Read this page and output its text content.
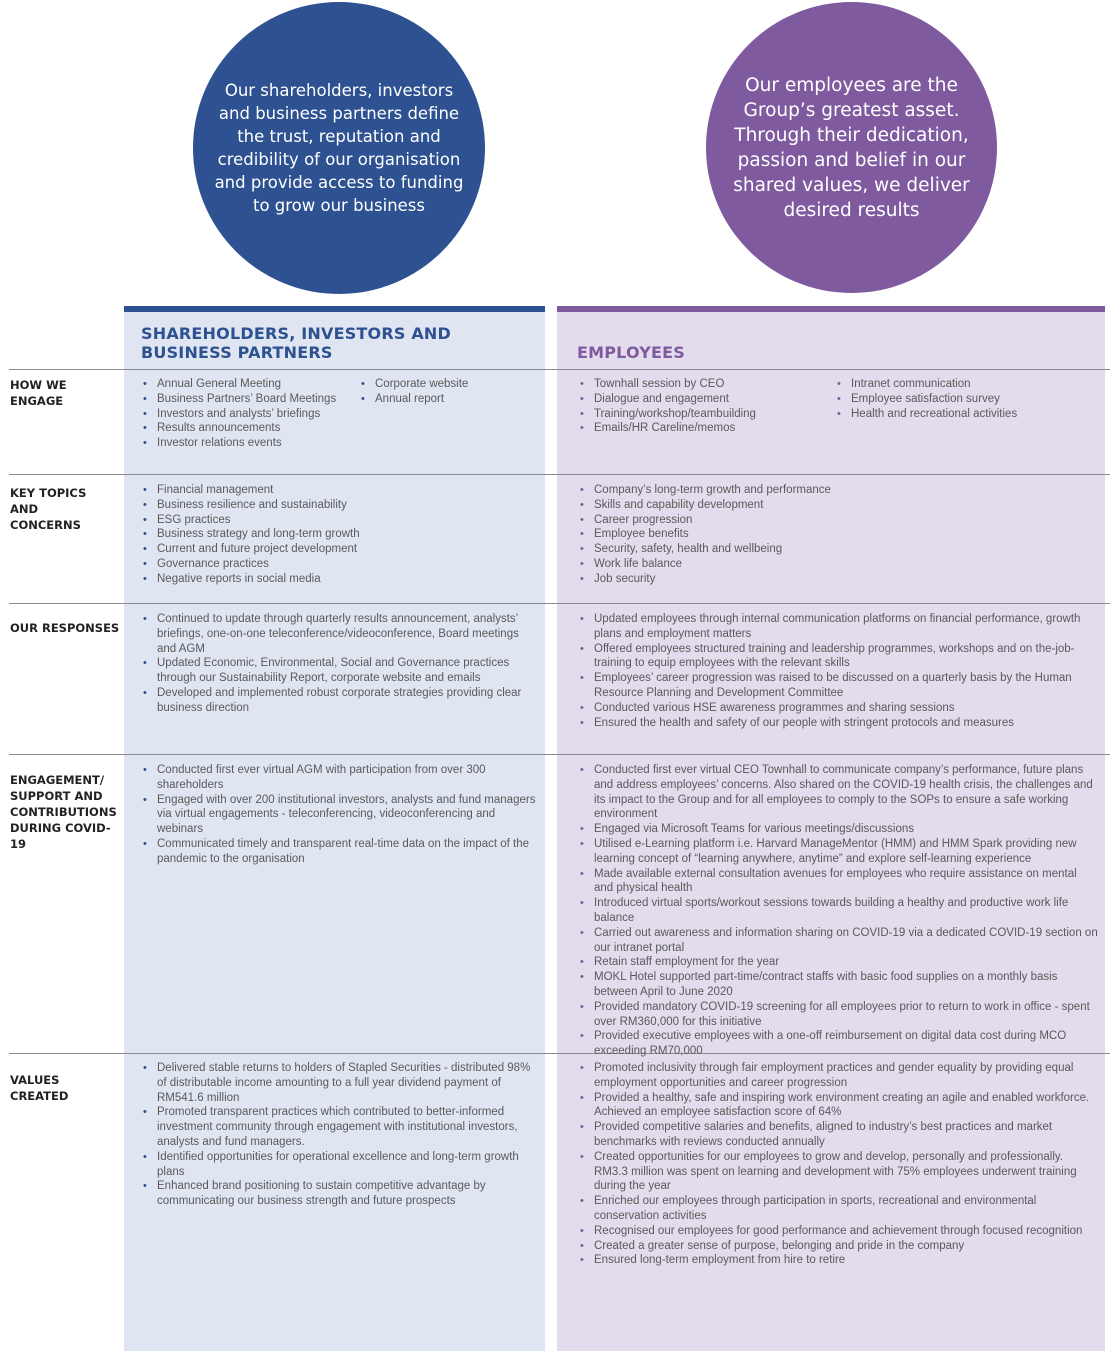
Our shareholders, investors and business partners define the trust, reputation and credibility of our organisation and provide access to funding to grow our business
Our employees are the Group’s greatest asset. Through their dedication, passion and belief in our shared values, we deliver desired results
SHAREHOLDERS, INVESTORS AND BUSINESS PARTNERS	EMPLOYEES
HOW WE ENGAGE
KEY TOPICS AND CONCERNS
OUR RESPONSES
ENGAGEMENT/ SUPPORT AND CONTRIBUTIONS DURING COVID-19
VALUES CREATED
• Annual General Meeting
• Business Partners’ Board Meetings
• Investors and analysts’ briefings
• Results announcements
• Investor relations events
• Corporate website
• Annual report
• Townhall session by CEO
• Dialogue and engagement
• Training/workshop/teambuilding
• Emails/HR Careline/memos
• Intranet communication
• Employee satisfaction survey
• Health and recreational activities
• Financial management
• Business resilience and sustainability
• ESG practices
• Business strategy and long-term growth
• Current and future project development
• Governance practices
• Negative reports in social media
• Company’s long-term growth and performance
• Skills and capability development
• Career progression
• Employee benefits
• Security, safety, health and wellbeing
• Work life balance
• Job security
• Continued to update through quarterly results announcement, analysts’ briefings, one-on-one teleconference/videoconference, Board meetings and AGM
• Updated Economic, Environmental, Social and Governance practices through our Sustainability Report, corporate website and emails
• Developed and implemented robust corporate strategies providing clear business direction
• Updated employees through internal communication platforms on financial performance, growth plans and employment matters
• Offered employees structured training and leadership programmes, workshops and on the-job-training to equip employees with the relevant skills
• Employees’ career progression was raised to be discussed on a quarterly basis by the Human Resource Planning and Development Committee
• Conducted various HSE awareness programmes and sharing sessions
• Ensured the health and safety of our people with stringent protocols and measures
• Conducted first ever virtual AGM with participation from over 300 shareholders
• Engaged with over 200 institutional investors, analysts and fund managers via virtual engagements - teleconferencing, videoconferencing and webinars
• Communicated timely and transparent real-time data on the impact of the pandemic to the organisation
• Conducted first ever virtual CEO Townhall to communicate company’s performance, future plans and address employees’ concerns. Also shared on the COVID-19 health crisis, the challenges and its impact to the Group and for all employees to comply to the SOPs to ensure a safe working environment
• Engaged via Microsoft Teams for various meetings/discussions
• Utilised e-Learning platform i.e. Harvard ManageMentor (HMM) and HMM Spark providing new learning concept of “learning anywhere, anytime” and explore self-learning experience
• Made available external consultation avenues for employees who require assistance on mental and physical health
• Introduced virtual sports/workout sessions towards building a healthy and productive work life balance
• Carried out awareness and information sharing on COVID-19 via a dedicated COVID-19 section on our intranet portal
• Retain staff employment for the year
• MOKL Hotel supported part-time/contract staffs with basic food supplies on a monthly basis between April to June 2020
• Provided mandatory COVID-19 screening for all employees prior to return to work in office - spent over RM360,000 for this initiative
• Provided executive employees with a one-off reimbursement on digital data cost during MCO exceeding RM70,000
• Delivered stable returns to holders of Stapled Securities - distributed 98% of distributable income amounting to a full year dividend payment of RM541.6 million
• Promoted transparent practices which contributed to better-informed investment community through engagement with institutional investors, analysts and fund managers.
• Identified opportunities for operational excellence and long-term growth plans
• Enhanced brand positioning to sustain competitive advantage by communicating our business strength and future prospects
• Promoted inclusivity through fair employment practices and gender equality by providing equal employment opportunities and career progression
• Provided a healthy, safe and inspiring work environment creating an agile and enabled workforce. Achieved an employee satisfaction score of 64%
• Provided competitive salaries and benefits, aligned to industry’s best practices and market benchmarks with reviews conducted annually
• Created opportunities for our employees to grow and develop, personally and professionally. RM3.3 million was spent on learning and development with 75% employees underwent training during the year
• Enriched our employees through participation in sports, recreational and environmental conservation activities
• Recognised our employees for good performance and achievement through focused recognition
• Created a greater sense of purpose, belonging and pride in the company
• Ensured long-term employment from hire to retire
